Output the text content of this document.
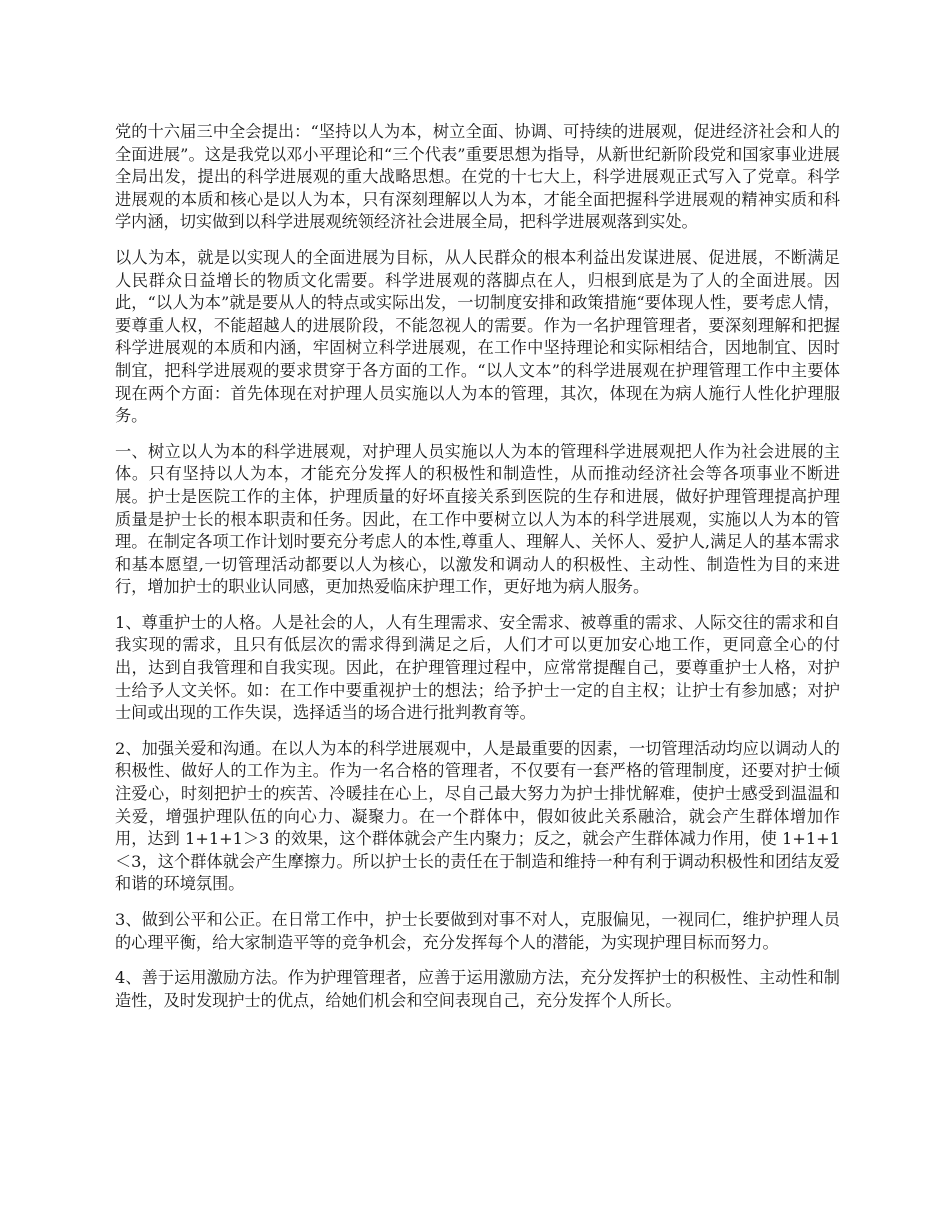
党的十六届三中全会提出：“坚持以人为本，树立全面、协调、可持续的进展观，促进经济社会和人的全面进展”。这是我党以邓小平理论和“三个代表”重要思想为指导，从新世纪新阶段党和国家事业进展全局出发，提出的科学进展观的重大战略思想。在党的十七大上，科学进展观正式写入了党章。科学进展观的本质和核心是以人为本，只有深刻理解以人为本，才能全面把握科学进展观的精神实质和科学内涵，切实做到以科学进展观统领经济社会进展全局，把科学进展观落到实处。

以人为本，就是以实现人的全面进展为目标，从人民群众的根本利益出发谋进展、促进展，不断满足人民群众日益增长的物质文化需要。科学进展观的落脚点在人，归根到底是为了人的全面进展。因此，“以人为本”就是要从人的特点或实际出发，一切制度安排和政策措施“要体现人性，要考虑人情，要尊重人权，不能超越人的进展阶段，不能忽视人的需要。作为一名护理管理者，要深刻理解和把握科学进展观的本质和内涵，牢固树立科学进展观，在工作中坚持理论和实际相结合，因地制宜、因时制宜，把科学进展观的要求贯穿于各方面的工作。“以人文本”的科学进展观在护理管理工作中主要体现在两个方面：首先体现在对护理人员实施以人为本的管理，其次，体现在为病人施行人性化护理服务。

一、树立以人为本的科学进展观，对护理人员实施以人为本的管理科学进展观把人作为社会进展的主体。只有坚持以人为本，才能充分发挥人的积极性和制造性，从而推动经济社会等各项事业不断进展。护士是医院工作的主体，护理质量的好坏直接关系到医院的生存和进展，做好护理管理提高护理质量是护士长的根本职责和任务。因此，在工作中要树立以人为本的科学进展观，实施以人为本的管理。在制定各项工作计划时要充分考虑人的本性,尊重人、理解人、关怀人、爱护人,满足人的基本需求和基本愿望,一切管理活动都要以人为核心，以激发和调动人的积极性、主动性、制造性为目的来进行，增加护士的职业认同感，更加热爱临床护理工作，更好地为病人服务。

1、尊重护士的人格。人是社会的人，人有生理需求、安全需求、被尊重的需求、人际交往的需求和自我实现的需求，且只有低层次的需求得到满足之后，人们才可以更加安心地工作，更同意全心的付出，达到自我管理和自我实现。因此，在护理管理过程中，应常常提醒自己，要尊重护士人格，对护士给予人文关怀。如：在工作中要重视护士的想法；给予护士一定的自主权；让护士有参加感；对护士间或出现的工作失误，选择适当的场合进行批判教育等。

2、加强关爱和沟通。在以人为本的科学进展观中，人是最重要的因素，一切管理活动均应以调动人的积极性、做好人的工作为主。作为一名合格的管理者，不仅要有一套严格的管理制度，还要对护士倾注爱心，时刻把护士的疾苦、冷暖挂在心上，尽自己最大努力为护士排忧解难，使护士感受到温温和关爱，增强护理队伍的向心力、凝聚力。在一个群体中，假如彼此关系融洽，就会产生群体增加作用，达到 1+1+1＞3 的效果，这个群体就会产生内聚力；反之，就会产生群体减力作用，使 1+1+1＜3，这个群体就会产生摩擦力。所以护士长的责任在于制造和维持一种有利于调动积极性和团结友爱和谐的环境氛围。

3、做到公平和公正。在日常工作中，护士长要做到对事不对人，克服偏见，一视同仁，维护护理人员的心理平衡，给大家制造平等的竞争机会，充分发挥每个人的潜能，为实现护理目标而努力。

4、善于运用激励方法。作为护理管理者，应善于运用激励方法，充分发挥护士的积极性、主动性和制造性，及时发现护士的优点，给她们机会和空间表现自己，充分发挥个人所长。
